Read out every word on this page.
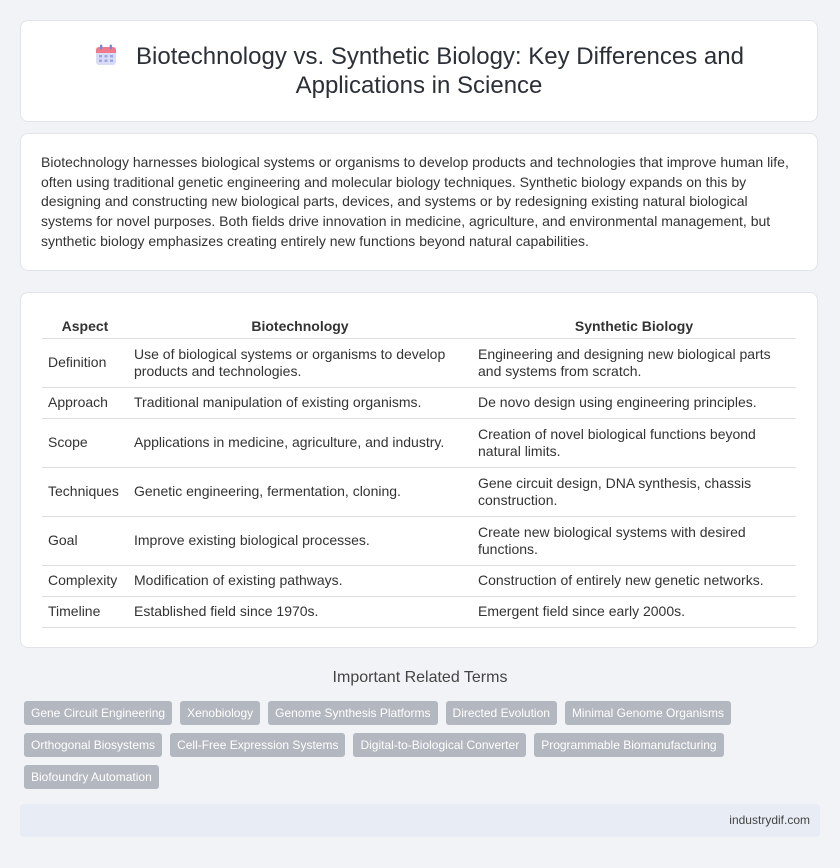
Biotechnology vs. Synthetic Biology: Key Differences and Applications in Science

Biotechnology harnesses biological systems or organisms to develop products and technologies that improve human life, often using traditional genetic engineering and molecular biology techniques. Synthetic biology expands on this by designing and constructing new biological parts, devices, and systems or by redesigning existing natural biological systems for novel purposes. Both fields drive innovation in medicine, agriculture, and environmental management, but synthetic biology emphasizes creating entirely new functions beyond natural capabilities.

Aspect	Biotechnology	Synthetic Biology
Definition	Use of biological systems or organisms to develop products and technologies.	Engineering and designing new biological parts and systems from scratch.
Approach	Traditional manipulation of existing organisms.	De novo design using engineering principles.
Scope	Applications in medicine, agriculture, and industry.	Creation of novel biological functions beyond natural limits.
Techniques	Genetic engineering, fermentation, cloning.	Gene circuit design, DNA synthesis, chassis construction.
Goal	Improve existing biological processes.	Create new biological systems with desired functions.
Complexity	Modification of existing pathways.	Construction of entirely new genetic networks.
Timeline	Established field since 1970s.	Emergent field since early 2000s.
Important Related Terms
Gene Circuit Engineering	Xenobiology	Genome Synthesis Platforms	Directed Evolution	Minimal Genome Organisms
Orthogonal Biosystems	Cell-Free Expression Systems	Digital-to-Biological Converter	Programmable Biomanufacturing
Biofoundry Automation
industrydif.com
